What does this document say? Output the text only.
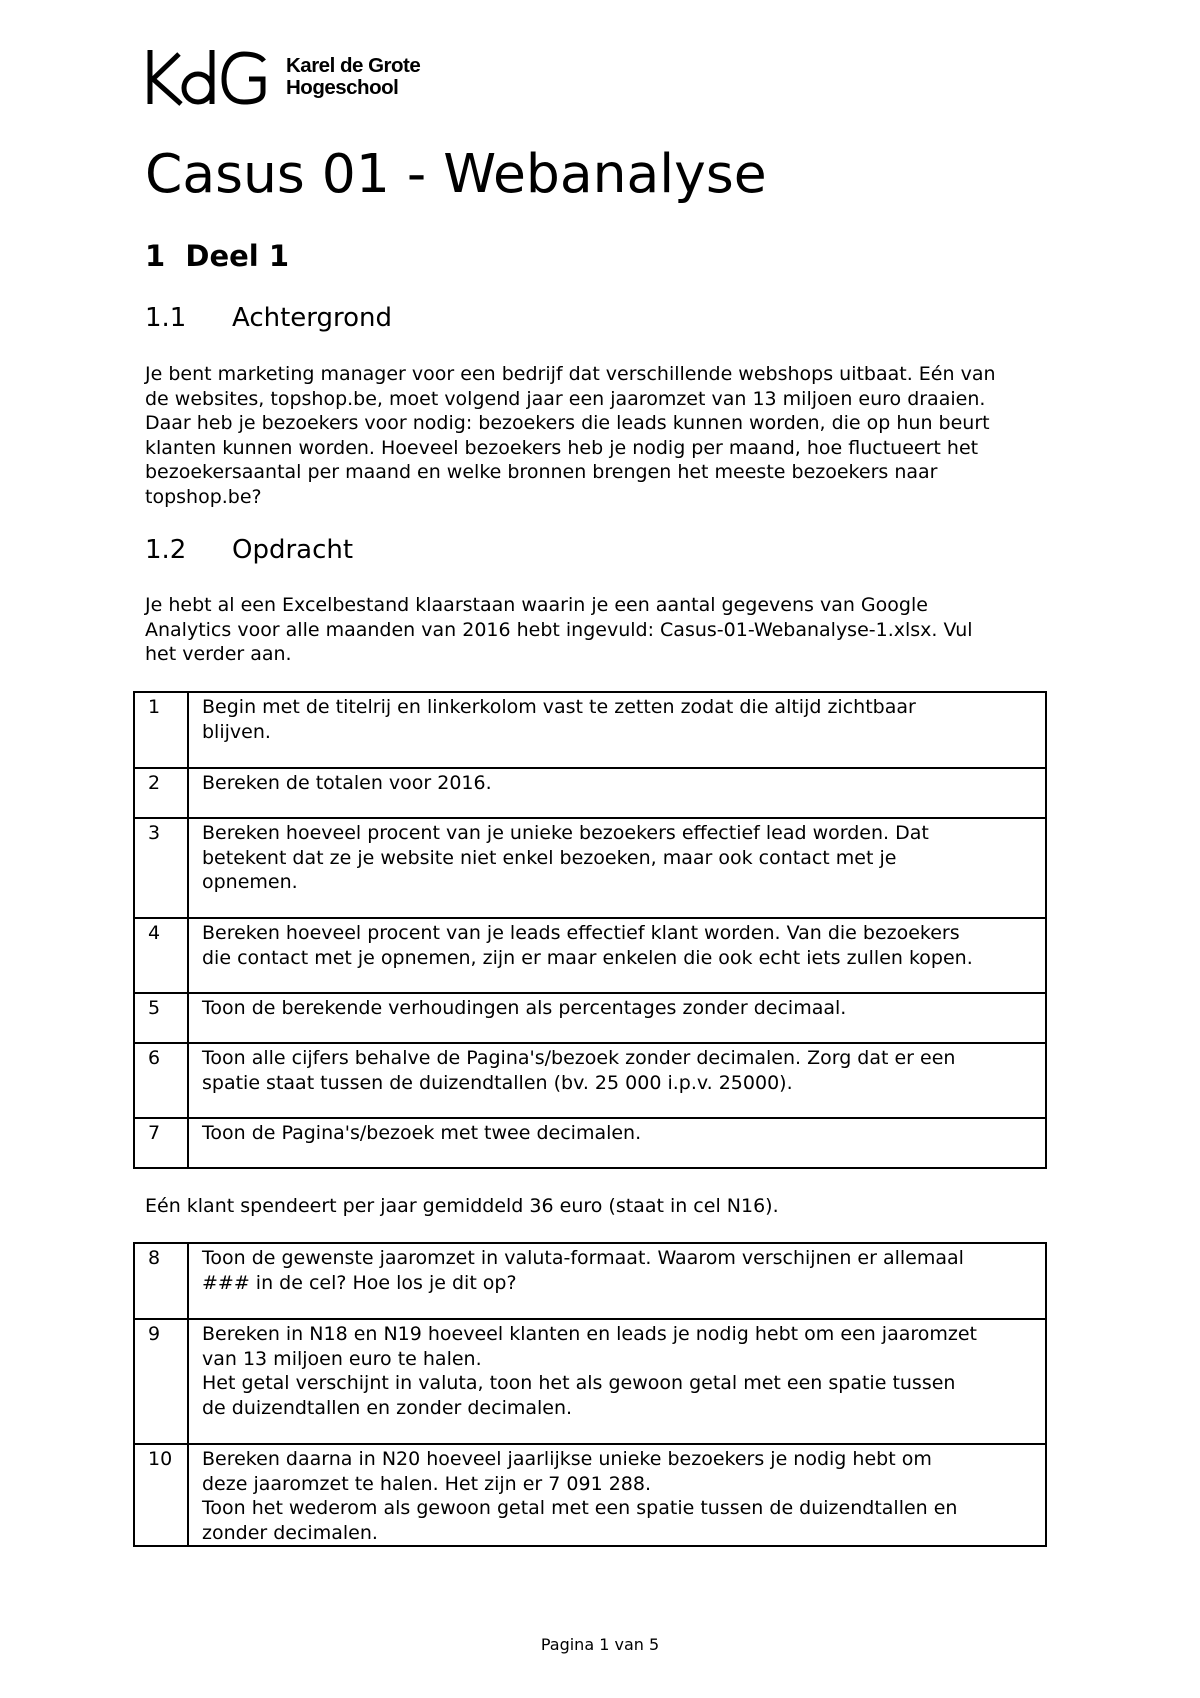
Karel de Grote
Hogeschool
Casus 01 - Webanalyse
1 Deel 1
1.1 Achtergrond

Je bent marketing manager voor een bedrijf dat verschillende webshops uitbaat. Eén van
de websites, topshop.be, moet volgend jaar een jaaromzet van 13 miljoen euro draaien.
Daar heb je bezoekers voor nodig: bezoekers die leads kunnen worden, die op hun beurt
klanten kunnen worden. Hoeveel bezoekers heb je nodig per maand, hoe fluctueert het
bezoekersaantal per maand en welke bronnen brengen het meeste bezoekers naar
topshop.be?

1.2 Opdracht

Je hebt al een Excelbestand klaarstaan waarin je een aantal gegevens van Google
Analytics voor alle maanden van 2016 hebt ingevuld: Casus-01-Webanalyse-1.xlsx. Vul
het verder aan.

1	Begin met de titelrij en linkerkolom vast te zetten zodat die altijd zichtbaar
blijven.
2	Bereken de totalen voor 2016.
3	Bereken hoeveel procent van je unieke bezoekers effectief lead worden. Dat
betekent dat ze je website niet enkel bezoeken, maar ook contact met je
opnemen.
4	Bereken hoeveel procent van je leads effectief klant worden. Van die bezoekers
die contact met je opnemen, zijn er maar enkelen die ook echt iets zullen kopen.
5	Toon de berekende verhoudingen als percentages zonder decimaal.
6	Toon alle cijfers behalve de Pagina's/bezoek zonder decimalen. Zorg dat er een
spatie staat tussen de duizendtallen (bv. 25 000 i.p.v. 25000).
7	Toon de Pagina's/bezoek met twee decimalen.

Eén klant spendeert per jaar gemiddeld 36 euro (staat in cel N16).

8	Toon de gewenste jaaromzet in valuta-formaat. Waarom verschijnen er allemaal
### in de cel? Hoe los je dit op?
9	Bereken in N18 en N19 hoeveel klanten en leads je nodig hebt om een jaaromzet
van 13 miljoen euro te halen.
Het getal verschijnt in valuta, toon het als gewoon getal met een spatie tussen
de duizendtallen en zonder decimalen.
10	Bereken daarna in N20 hoeveel jaarlijkse unieke bezoekers je nodig hebt om
deze jaaromzet te halen. Het zijn er 7 091 288.
Toon het wederom als gewoon getal met een spatie tussen de duizendtallen en
zonder decimalen.
Pagina 1 van 5
